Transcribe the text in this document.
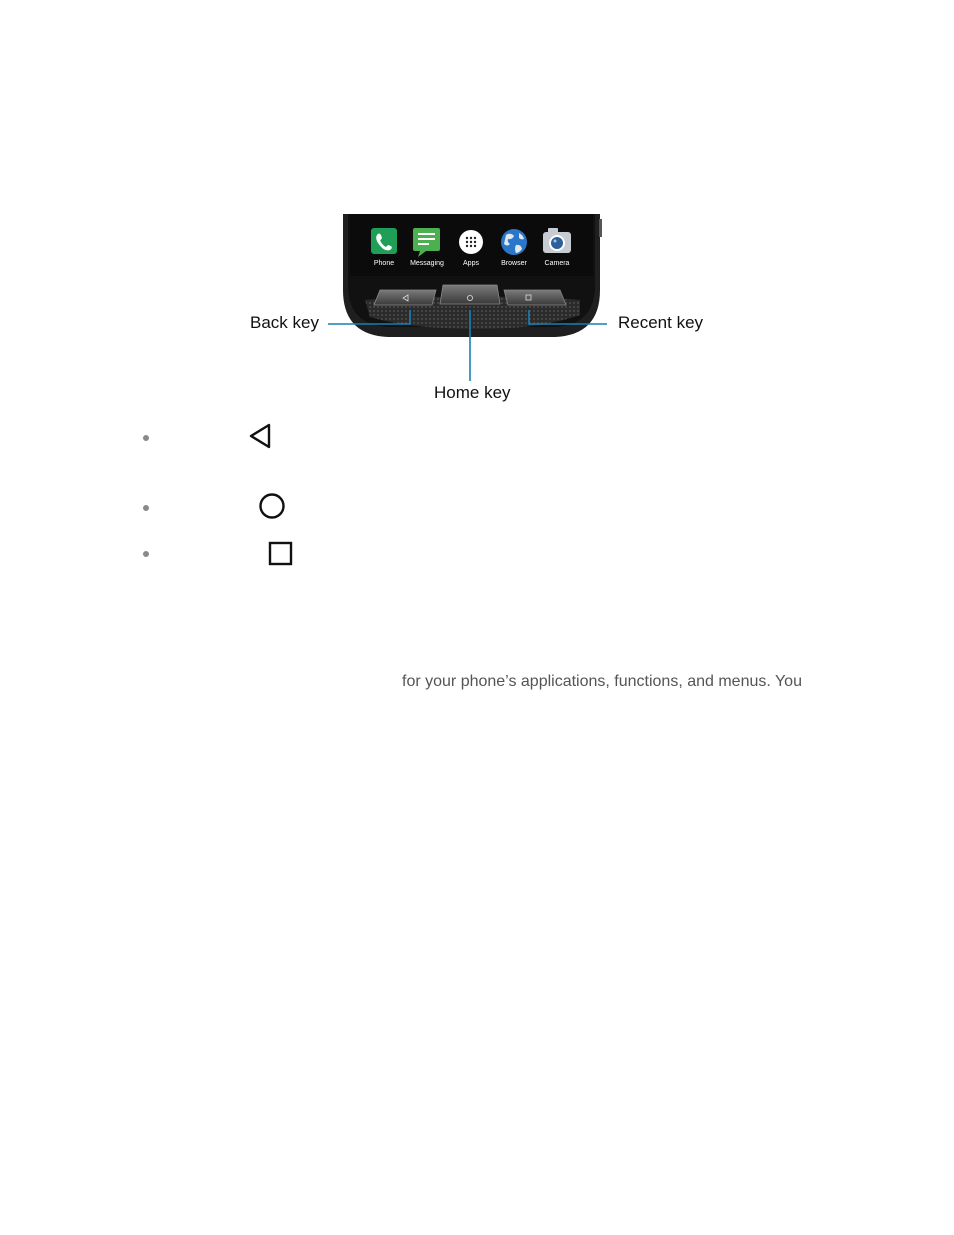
Phone Messaging	Apps	Browser	Camera
Back key	Recent key
Home key
for your phone’s applications, functions, and menus. You
